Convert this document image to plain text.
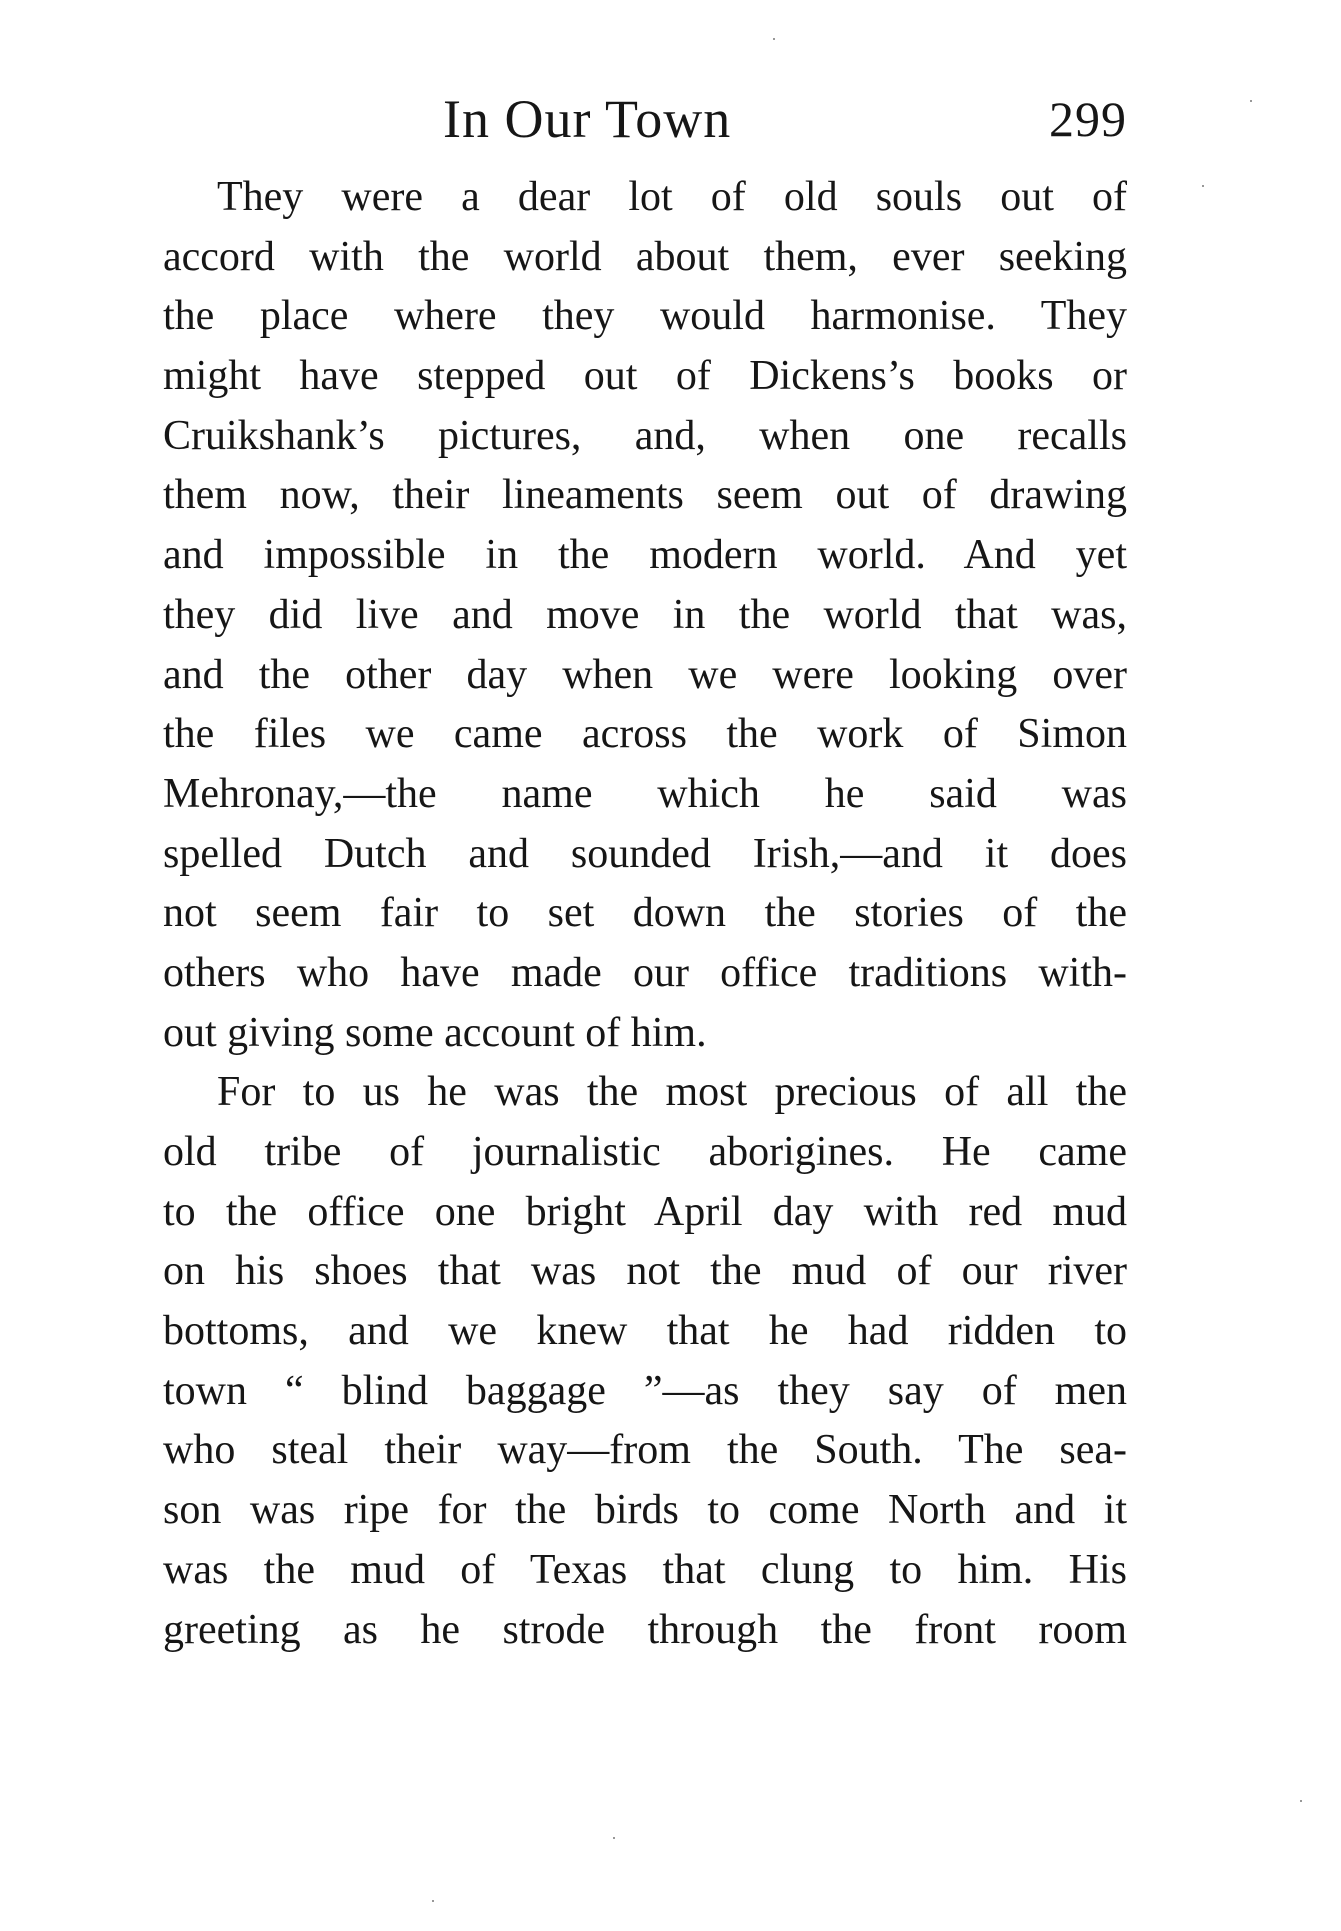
In Our Town	299
They were a dear lot of old souls out of
accord with the world about them, ever seeking
the place where they would harmonise. They
might have stepped out of Dickens’s books or
Cruikshank’s pictures, and, when one recalls
them now, their lineaments seem out of drawing
and impossible in the modern world. And yet
they did live and move in the world that was,
and the other day when we were looking over
the files we came across the work of Simon
Mehronay,—the name which he said was
spelled Dutch and sounded Irish,—and it does
not seem fair to set down the stories of the
others who have made our office traditions with-
out giving some account of him.
For to us he was the most precious of all the
old tribe of journalistic aborigines. He came
to the office one bright April day with red mud
on his shoes that was not the mud of our river
bottoms, and we knew that he had ridden to
town “ blind baggage ”—as they say of men
who steal their way—from the South. The sea-
son was ripe for the birds to come North and it
was the mud of Texas that clung to him. His
greeting as he strode through the front room
